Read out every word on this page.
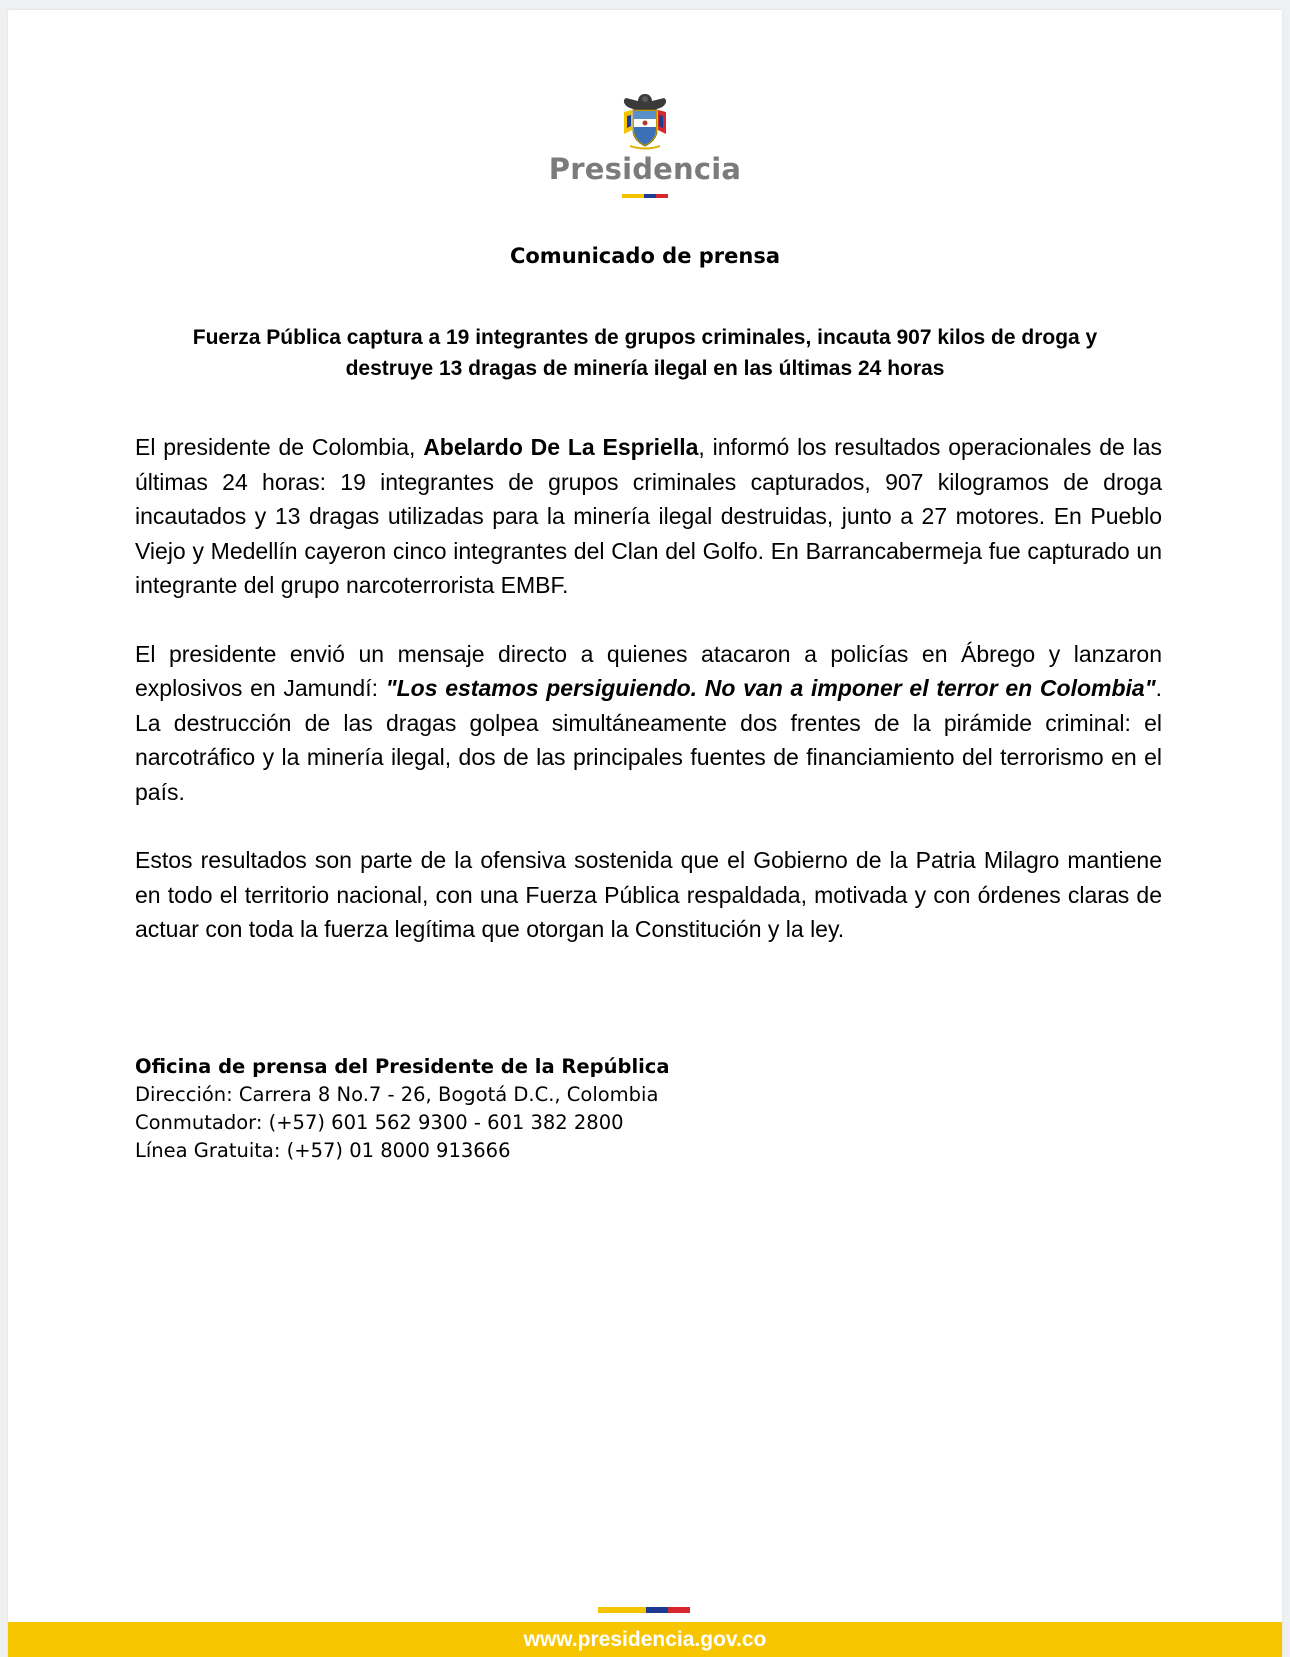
Presidencia
Comunicado de prensa
Fuerza Pública captura a 19 integrantes de grupos criminales, incauta 907 kilos de droga y destruye 13 dragas de minería ilegal en las últimas 24 horas

El presidente de Colombia, Abelardo De La Espriella, informó los resultados operacionales de las últimas 24 horas: 19 integrantes de grupos criminales capturados, 907 kilogramos de droga incautados y 13 dragas utilizadas para la minería ilegal destruidas, junto a 27 motores. En Pueblo Viejo y Medellín cayeron cinco integrantes del Clan del Golfo. En Barrancabermeja fue capturado un integrante del grupo narcoterrorista EMBF.

El presidente envió un mensaje directo a quienes atacaron a policías en Ábrego y lanzaron explosivos en Jamundí: "Los estamos persiguiendo. No van a imponer el terror en Colombia". La destrucción de las dragas golpea simultáneamente dos frentes de la pirámide criminal: el narcotráfico y la minería ilegal, dos de las principales fuentes de financiamiento del terrorismo en el país.

Estos resultados son parte de la ofensiva sostenida que el Gobierno de la Patria Milagro mantiene en todo el territorio nacional, con una Fuerza Pública respaldada, motivada y con órdenes claras de actuar con toda la fuerza legítima que otorgan la Constitución y la ley.

Oficina de prensa del Presidente de la República
Dirección: Carrera 8 No.7 - 26, Bogotá D.C., Colombia
Conmutador: (+57) 601 562 9300 - 601 382 2800
Línea Gratuita: (+57) 01 8000 913666
www.presidencia.gov.co
